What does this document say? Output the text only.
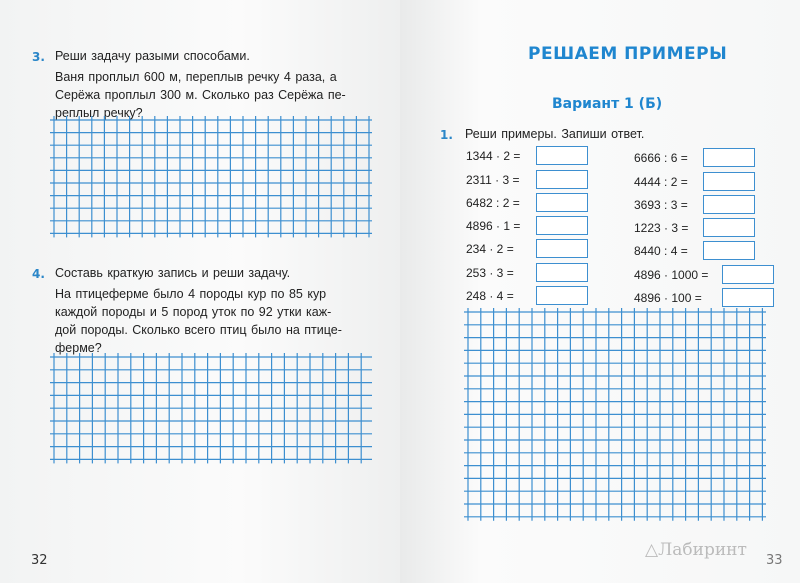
3. Реши задачу разыми способами.
Ваня проплыл 600 м, переплыв речку 4 раза, а
Серёжа проплыл 300 м. Сколько раз Серёжа пе-
реплыл речку?
4. Составь краткую запись и реши задачу.
На птицеферме было 4 породы кур по 85 кур
каждой породы и 5 пород уток по 92 утки каж-
дой породы. Сколько всего птиц было на птице-
ферме?
32
РЕШАЕМ ПРИМЕРЫ
Вариант 1 (Б)
1. Реши примеры. Запиши ответ.
1344 · 2 =
2311 · 3 =
6482 : 2 =
4896 · 1 =
234 · 2 =
253 · 3 =
248 · 4 =
6666 : 6 =
4444 : 2 =
3693 : 3 =
1223 · 3 =
8440 : 4 =
4896 · 1000 =
4896 · 100 =
33
△Лабиринт
